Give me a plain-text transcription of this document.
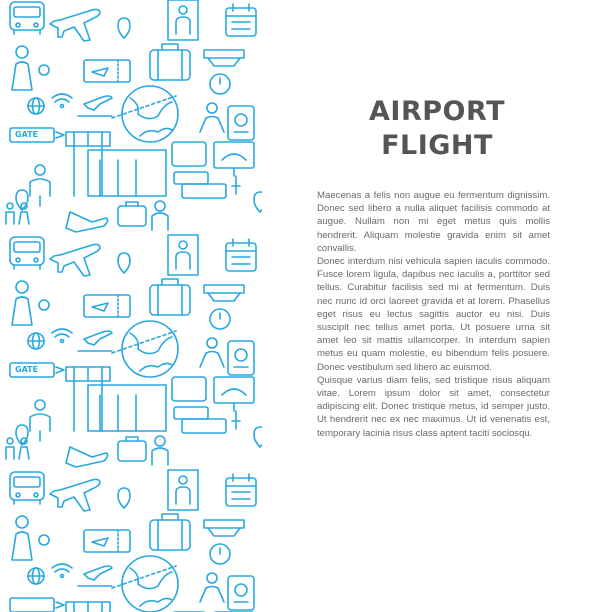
GATE
GATE
AIRPORT
FLIGHT

Maecenas a felis non augue eu fermentum dignissim. Donec sed libero a nulla aliquet facilisis commodo at augue. Nullam non mi eget metus quis mollis hendrerit. Aliquam molestie gravida enim sit amet convallis.

Donec interdum nisi vehicula sapien iaculis commodo. Fusce lorem ligula, dapibus nec iaculis a, porttitor sed tellus. Curabitur facilisis sed mi at fermentum. Duis nec nunc id orci laoreet gravida et at lorem. Phasellus eget risus eu lectus sagittis auctor eu nisi. Duis suscipit nec tellus amet porta. Ut posuere urna sit amet leo sit mattis ullamcorper. In interdum sapien metus eu quam molestie, eu bibendum felis posuere. Donec vestibulum sed libero ac euismod.

Quisque varius diam felis, sed tristique risus aliquam vitae. Lorem ipsum dolor sit amet, consectetur adipiscing elit. Donec tristique metus, id semper justo. Ut hendrerit nec ex nec maximus. Ut id venenatis est, temporary lacinia risus class aptent taciti sociosqu.
